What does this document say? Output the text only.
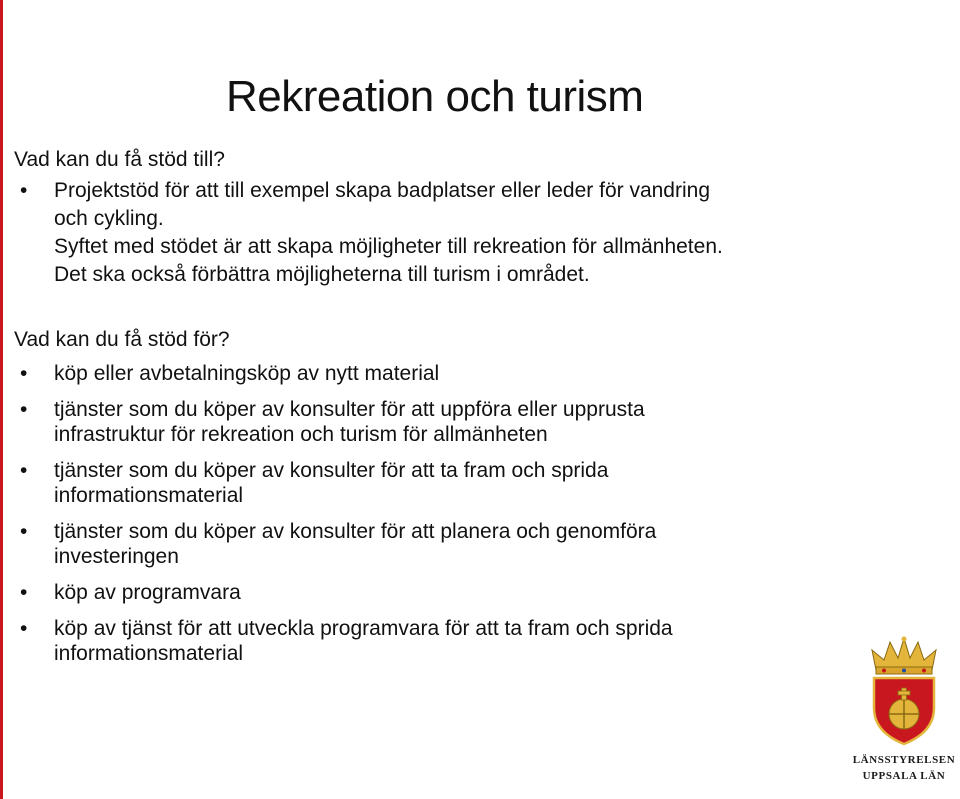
Rekreation och turism

Vad kan du få stöd till?

• Projektstöd för att till exempel skapa badplatser eller leder för vandring
och cykling.
Syftet med stödet är att skapa möjligheter till rekreation för allmänheten.
Det ska också förbättra möjligheterna till turism i området.

Vad kan du få stöd för?

• köp eller avbetalningsköp av nytt material
• tjänster som du köper av konsulter för att uppföra eller upprusta
infrastruktur för rekreation och turism för allmänheten
• tjänster som du köper av konsulter för att ta fram och sprida
informationsmaterial
• tjänster som du köper av konsulter för att planera och genomföra
investeringen
• köp av programvara
• köp av tjänst för att utveckla programvara för att ta fram och sprida
informationsmaterial
LÄNSSTYRELSEN
UPPSALA LÄN
